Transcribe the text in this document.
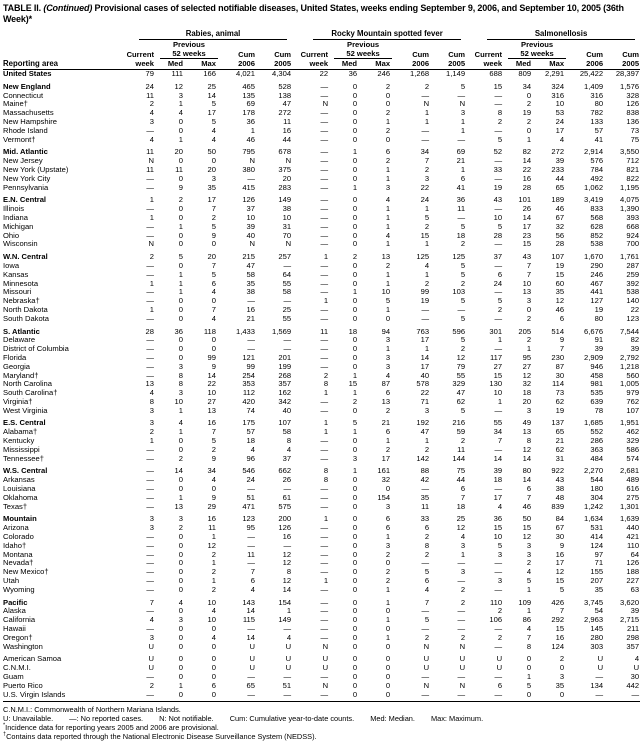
TABLE II. (Continued) Provisional cases of selected notifiable diseases, United States, weeks ending September 9, 2006, and September 10, 2005 (36th Week)*
Reporting area	Rabies, animal					Rocky Mountain spotted fever					Salmonellosis				

		Previous					Previous					Previous			
	Current	52 weeks		Cum	Cum	Current	52 weeks		Cum	Cum	Current	52 weeks		Cum	Cum
	week	Med	Max	2006	2005	week	Med	Max	2006	2005	week	Med	Max	2006	2005
United States	79	111	166	4,021	4,304	22	36	246	1,268	1,149	688	809	2,291	25,422	28,397
New England	24	12	25	465	528	—	0	2	2	5	15	34	324	1,409	1,576
Connecticut	11	3	14	135	138	—	0	0	—	—	—	0	316	316	328
Maine†	2	1	5	69	47	N	0	0	N	N	—	2	10	80	126
Massachusetts	4	4	17	178	272	—	0	2	1	3	8	19	53	782	838
New Hampshire	3	0	5	36	11	—	0	1	1	1	2	2	24	133	136
Rhode Island	—	0	4	1	16	—	0	2	—	1	—	0	17	57	73
Vermont†	4	1	4	46	44	—	0	0	—	—	5	1	4	41	75
Mid. Atlantic	11	20	50	795	678	—	1	6	34	69	52	82	272	2,914	3,550
New Jersey	N	0	0	N	N	—	0	2	7	21	—	14	39	576	712
New York (Upstate)	11	11	20	380	375	—	0	1	2	1	33	22	233	784	821
New York City	—	0	3	—	20	—	0	1	3	6	—	16	44	492	822
Pennsylvania	—	9	35	415	283	—	1	3	22	41	19	28	65	1,062	1,195
E.N. Central	1	2	17	126	149	—	0	4	24	36	43	101	189	3,419	4,075
Illinois	—	0	7	37	38	—	0	1	1	11	—	26	46	833	1,390
Indiana	1	0	2	10	10	—	0	1	5	—	10	14	67	568	393
Michigan	—	1	5	39	31	—	0	1	2	5	5	17	32	628	668
Ohio	—	0	9	40	70	—	0	4	15	18	28	23	56	852	924
Wisconsin	N	0	0	N	N	—	0	1	1	2	—	15	28	538	700
W.N. Central	2	5	20	215	257	1	2	13	125	125	37	43	107	1,670	1,761
Iowa	—	0	7	47	—	—	0	2	4	5	—	7	19	290	287
Kansas	—	1	5	58	64	—	0	1	1	5	6	7	15	246	259
Minnesota	1	1	6	35	55	—	0	1	2	2	24	10	60	467	392
Missouri	—	1	4	38	58	—	1	10	99	103	—	13	35	441	538
Nebraska†	—	0	0	—	—	1	0	5	19	5	5	3	12	127	140
North Dakota	1	0	7	16	25	—	0	1	—	—	2	0	46	19	22
South Dakota	—	0	4	21	55	—	0	0	—	5	—	2	6	80	123
S. Atlantic	28	36	118	1,433	1,569	11	18	94	763	596	301	205	514	6,676	7,544
Delaware	—	0	0	—	—	—	0	3	17	5	1	2	9	91	82
District of Columbia	—	0	0	—	—	—	0	1	1	2	—	1	7	39	39
Florida	—	0	99	121	201	—	0	3	14	12	117	95	230	2,909	2,792
Georgia	—	3	9	99	199	—	0	3	17	79	27	27	87	946	1,218
Maryland†	—	8	14	254	268	2	1	4	40	55	15	12	30	458	560
North Carolina	13	8	22	353	357	8	15	87	578	329	130	32	114	981	1,005
South Carolina†	4	3	10	112	162	1	1	6	22	47	10	18	73	535	979
Virginia†	8	10	27	420	342	—	2	13	71	62	1	20	62	639	762
West Virginia	3	1	13	74	40	—	0	2	3	5	—	3	19	78	107
E.S. Central	3	4	16	175	107	1	5	21	192	216	55	49	137	1,685	1,951
Alabama†	2	1	7	57	58	1	1	6	47	59	34	13	65	552	462
Kentucky	1	0	5	18	8	—	0	1	1	2	7	8	21	286	329
Mississippi	—	0	2	4	4	—	0	2	2	11	—	12	62	363	586
Tennessee†	—	2	9	96	37	—	3	17	142	144	14	14	31	484	574
W.S. Central	—	14	34	546	662	8	1	161	88	75	39	80	922	2,270	2,681
Arkansas	—	0	4	24	26	8	0	32	42	44	18	14	43	544	489
Louisiana	—	0	0	—	—	—	0	0	—	6	—	6	38	180	616
Oklahoma	—	1	9	51	61	—	0	154	35	7	17	7	48	304	275
Texas†	—	13	29	471	575	—	0	3	11	18	4	46	839	1,242	1,301
Mountain	3	3	16	123	200	1	0	6	33	25	36	50	84	1,634	1,639
Arizona	3	2	11	95	126	—	0	6	6	12	15	15	67	531	440
Colorado	—	0	1	—	16	—	0	1	2	4	10	12	30	414	421
Idaho†	—	0	12	—	—	—	0	3	8	3	5	3	9	124	110
Montana	—	0	2	11	12	—	0	2	2	1	3	3	16	97	64
Nevada†	—	0	1	—	12	—	0	0	—	—	—	2	17	71	126
New Mexico†	—	0	2	7	8	—	0	2	5	3	—	4	12	155	188
Utah	—	0	1	6	12	1	0	2	6	—	3	5	15	207	227
Wyoming	—	0	2	4	14	—	0	1	4	2	—	1	5	35	63
Pacific	7	4	10	143	154	—	0	1	7	2	110	109	426	3,745	3,620
Alaska	—	0	4	14	1	—	0	0	—	—	2	1	7	54	39
California	4	3	10	115	149	—	0	1	5	—	106	86	292	2,963	2,715
Hawaii	—	0	0	—	—	—	0	0	—	—	—	4	15	145	211
Oregon†	3	0	4	14	4	—	0	1	2	2	2	7	16	280	298
Washington	U	0	0	U	U	N	0	0	N	N	—	8	124	303	357
American Samoa	U	0	0	U	U	U	0	0	U	U	U	0	2	U	4
C.N.M.I.	U	0	0	U	U	U	0	0	U	U	U	0	0	U	U
Guam	—	0	0	—	—	—	0	0	—	—	—	1	3	—	30
Puerto Rico	2	1	6	65	51	N	0	0	N	N	6	5	35	134	442
U.S. Virgin Islands	—	0	0	—	—	—	0	0	—	—	—	0	0	—	—
C.N.M.I.: Commonwealth of Northern Mariana Islands.
U: Unavailable. —: No reported cases. N: Not notifiable. Cum: Cumulative year-to-date counts. Med: Median. Max: Maximum.
*Incidence data for reporting years 2005 and 2006 are provisional.
†Contains data reported through the National Electronic Disease Surveillance System (NEDSS).
